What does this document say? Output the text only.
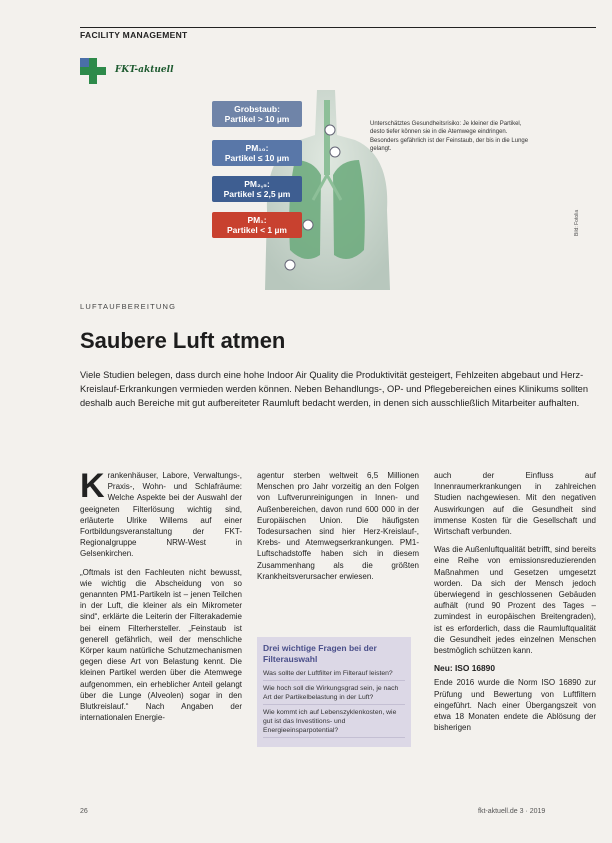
FACILITY MANAGEMENT
FKT-aktuell
Grobstaub:
Partikel > 10 µm
PM₁₀:
Partikel ≤ 10 µm
PM₂,₅:
Partikel ≤ 2,5 µm
PM₁:
Partikel < 1 µm
Unterschätztes Gesundheitsrisiko: Je kleiner die Partikel, desto tiefer können sie in die Atemwege eindringen. Besonders gefährlich ist der Feinstaub, der bis in die Lunge gelangt.
Bild: Fotolia
LUFTAUFBEREITUNG
Saubere Luft atmen
Viele Studien belegen, dass durch eine hohe Indoor Air Quality die Produktivität gesteigert, Fehlzeiten abgebaut und Herz-Kreislauf-Erkrankungen vermieden werden können. Neben Behandlungs-, OP- und Pflegebereichen eines Klinikums sollten deshalb auch Bereiche mit gut aufbereiteter Raumluft bedacht werden, in denen sich ausschließlich Mitarbeiter aufhalten.

Krankenhäuser, Labore, Verwaltungs-, Praxis-, Wohn- und Schlafräume: Welche Aspekte bei der Auswahl der geeigneten Filterlösung wichtig sind, erläuterte Ulrike Willems auf einer Fortbildungsveranstaltung der FKT-Regionalgruppe NRW-West in Gelsenkirchen.

„Oftmals ist den Fachleuten nicht bewusst, wie wichtig die Abscheidung von so genannten PM1-Partikeln ist – jenen Teilchen in der Luft, die kleiner als ein Mikrometer sind“, erklärte die Leiterin der Filterakademie bei einem Filterhersteller. „Feinstaub ist generell gefährlich, weil der menschliche Körper kaum natürliche Schutzmechanismen gegen diese Art von Belastung kennt. Die kleinen Partikel werden über die Atemwege aufgenommen, ein erheblicher Anteil gelangt über die Lunge (Alveolen) sogar in den Blutkreislauf.“ Nach Angaben der internationalen Energie-

agentur sterben weltweit 6,5 Millionen Menschen pro Jahr vorzeitig an den Folgen von Luftverunreinigungen in Innen- und Außenbereichen, davon rund 600 000 in der Europäischen Union. Die häufigsten Todesursachen sind hier Herz-Kreislauf-, Krebs- und Atemwegserkrankungen. PM1-Luftschadstoffe haben sich in diesem Zusammenhang als die größten Krankheitsverursacher erwiesen.

Drei wichtige Fragen bei der Filterauswahl
Was sollte der Luftfilter im Filterauf leisten?
Wie hoch soll die Wirkungsgrad sein, je nach Art der Partikelbelastung in der Luft?
Wie kommt ich auf Lebenszyklenkosten, wie gut ist das Investitions- und Energieeinsparpotential?

auch der Einfluss auf Innenraumerkrankungen in zahlreichen Studien nachgewiesen. Mit den negativen Auswirkungen auf die Gesundheit sind immense Kosten für die Gesellschaft und Wirtschaft verbunden.

Was die Außenluftqualität betrifft, sind bereits eine Reihe von emissionsreduzierenden Maßnahmen und Gesetzen umgesetzt worden. Da sich der Mensch jedoch überwiegend in geschlossenen Gebäuden aufhält (rund 90 Prozent des Tages – zumindest in europäischen Breitengraden), ist es erforderlich, dass die Raumluftqualität die Gesundheit jedes einzelnen Menschen bestmöglich schützen kann.

Neu: ISO 16890

Ende 2016 wurde die Norm ISO 16890 zur Prüfung und Bewertung von Luftfiltern eingeführt. Nach einer Übergangszeit von etwa 18 Monaten endete die Ablösung der bisherigen

26	fkt-aktuell.de 3 · 2019
